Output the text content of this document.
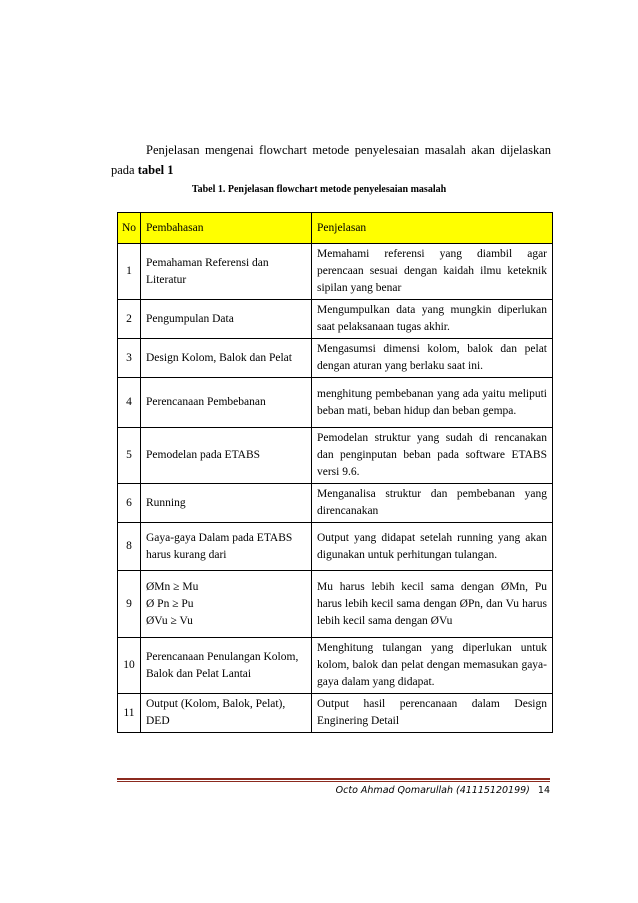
Penjelasan mengenai flowchart metode penyelesaian masalah akan dijelaskan
pada tabel 1
Tabel 1. Penjelasan flowchart metode penyelesaian masalah
No	Pembahasan	Penjelasan
1	Pemahaman Referensi dan Literatur	Memahami referensi yang diambil agar perencaan sesuai dengan kaidah ilmu keteknik sipilan yang benar
2	Pengumpulan Data	Mengumpulkan data yang mungkin diperlukan saat pelaksanaan tugas akhir.
3	Design Kolom, Balok dan Pelat	Mengasumsi dimensi kolom, balok dan pelat dengan aturan yang berlaku saat ini.
4	Perencanaan Pembebanan	menghitung pembebanan yang ada yaitu meliputi beban mati, beban hidup dan beban gempa.
5	Pemodelan pada ETABS	Pemodelan struktur yang sudah di rencanakan dan penginputan beban pada software ETABS versi 9.6.
6	Running	Menganalisa struktur dan pembebanan yang direncanakan
8	Gaya-gaya Dalam pada ETABS harus kurang dari	Output yang didapat setelah running yang akan digunakan untuk perhitungan tulangan.
9	ØMn ≥ Mu
Ø Pn ≥ Pu
ØVu ≥ Vu	Mu harus lebih kecil sama dengan ØMn, Pu harus lebih kecil sama dengan ØPn, dan Vu harus lebih kecil sama dengan ØVu
10	Perencanaan Penulangan Kolom, Balok dan Pelat Lantai	Menghitung tulangan yang diperlukan untuk kolom, balok dan pelat dengan memasukan gaya-gaya dalam yang didapat.
11	Output (Kolom, Balok, Pelat), DED	Output hasil perencanaan dalam Design Enginering Detail
Octo Ahmad Qomarullah (41115120199) 14
